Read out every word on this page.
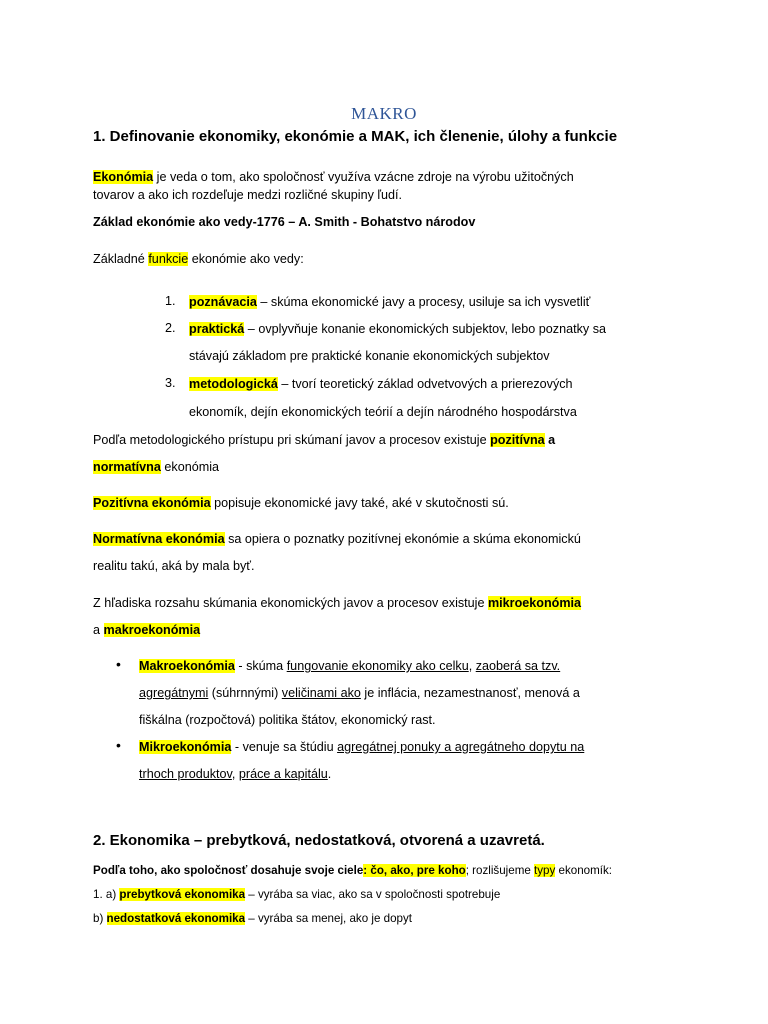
MAKRO
1. Definovanie ekonomiky, ekonómie a MAK, ich členenie, úlohy a funkcie
Ekonómia je veda o tom, ako spoločnosť využíva vzácne zdroje na výrobu užitočných
tovarov a ako ich rozdeľuje medzi rozličné skupiny ľudí.
Základ ekonómie ako vedy-1776 – A. Smith - Bohatstvo národov
Základné funkcie ekonómie ako vedy:
1. poznávacia – skúma ekonomické javy a procesy, usiluje sa ich vysvetliť
2. praktická – ovplyvňuje konanie ekonomických subjektov, lebo poznatky sa
stávajú základom pre praktické konanie ekonomických subjektov
3. metodologická – tvorí teoretický základ odvetvových a prierezových
ekonomík, dejín ekonomických teórií a dejín národného hospodárstva
Podľa metodologického prístupu pri skúmaní javov a procesov existuje pozitívna a
normatívna ekonómia
Pozitívna ekonómia popisuje ekonomické javy také, aké v skutočnosti sú.
Normatívna ekonómia sa opiera o poznatky pozitívnej ekonómie a skúma ekonomickú
realitu takú, aká by mala byť.
Z hľadiska rozsahu skúmania ekonomických javov a procesov existuje mikroekonómia
a makroekonómia
• Makroekonómia - skúma fungovanie ekonomiky ako celku, zaoberá sa tzv.
agregátnymi (súhrnnými) veličinami ako je inflácia, nezamestnanosť, menová a
fiškálna (rozpočtová) politika štátov, ekonomický rast.
• Mikroekonómia - venuje sa štúdiu agregátnej ponuky a agregátneho dopytu na
trhoch produktov, práce a kapitálu.
2. Ekonomika – prebytková, nedostatková, otvorená a uzavretá.
Podľa toho, ako spoločnosť dosahuje svoje ciele: čo, ako, pre koho; rozlišujeme typy ekonomík:
1. a) prebytková ekonomika – vyrába sa viac, ako sa v spoločnosti spotrebuje
b) nedostatková ekonomika – vyrába sa menej, ako je dopyt
